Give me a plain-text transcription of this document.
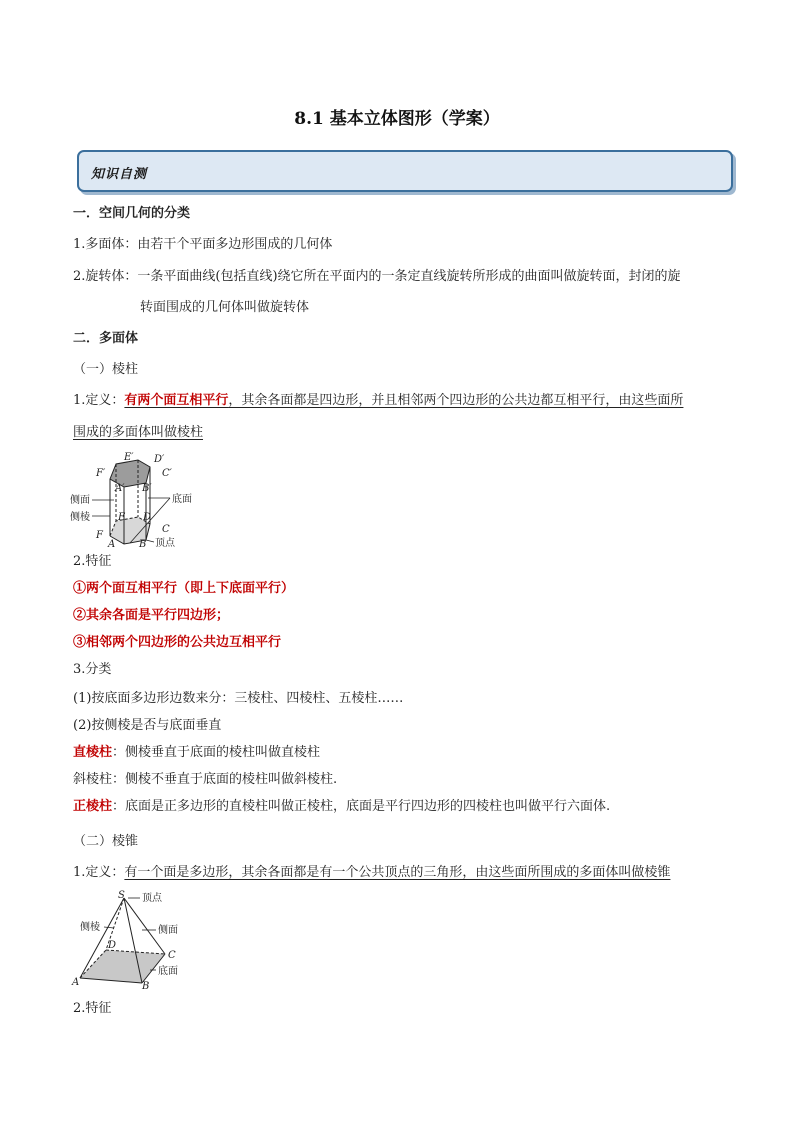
8.1 基本立体图形（学案）
知识自测
一．空间几何的分类
1.多面体：由若干个平面多边形围成的几何体
2.旋转体：一条平面曲线(包括直线)绕它所在平面内的一条定直线旋转所形成的曲面叫做旋转面，封闭的旋
转面围成的几何体叫做旋转体
二．多面体
（一）棱柱
1.定义：有两个面互相平行，其余各面都是四边形，并且相邻两个四边形的公共边都互相平行，由这些面所
围成的多面体叫做棱柱
E′ D′
F′	C′
A′ B′
侧面	底面
侧棱	E D
F
C
A B 顶点
2.特征
①两个面互相平行（即上下底面平行）
②其余各面是平行四边形；
③相邻两个四边形的公共边互相平行
3.分类
(1)按底面多边形边数来分：三棱柱、四棱柱、五棱柱……
(2)按侧棱是否与底面垂直
直棱柱：侧棱垂直于底面的棱柱叫做直棱柱
斜棱柱：侧棱不垂直于底面的棱柱叫做斜棱柱.
正棱柱：底面是正多边形的直棱柱叫做正棱柱，底面是平行四边形的四棱柱也叫做平行六面体.
（二）棱锥
1.定义：有一个面是多边形，其余各面都是有一个公共顶点的三角形，由这些面所围成的多面体叫做棱锥
S 顶点
侧棱	侧面
D
C
A	B
底面
2.特征
